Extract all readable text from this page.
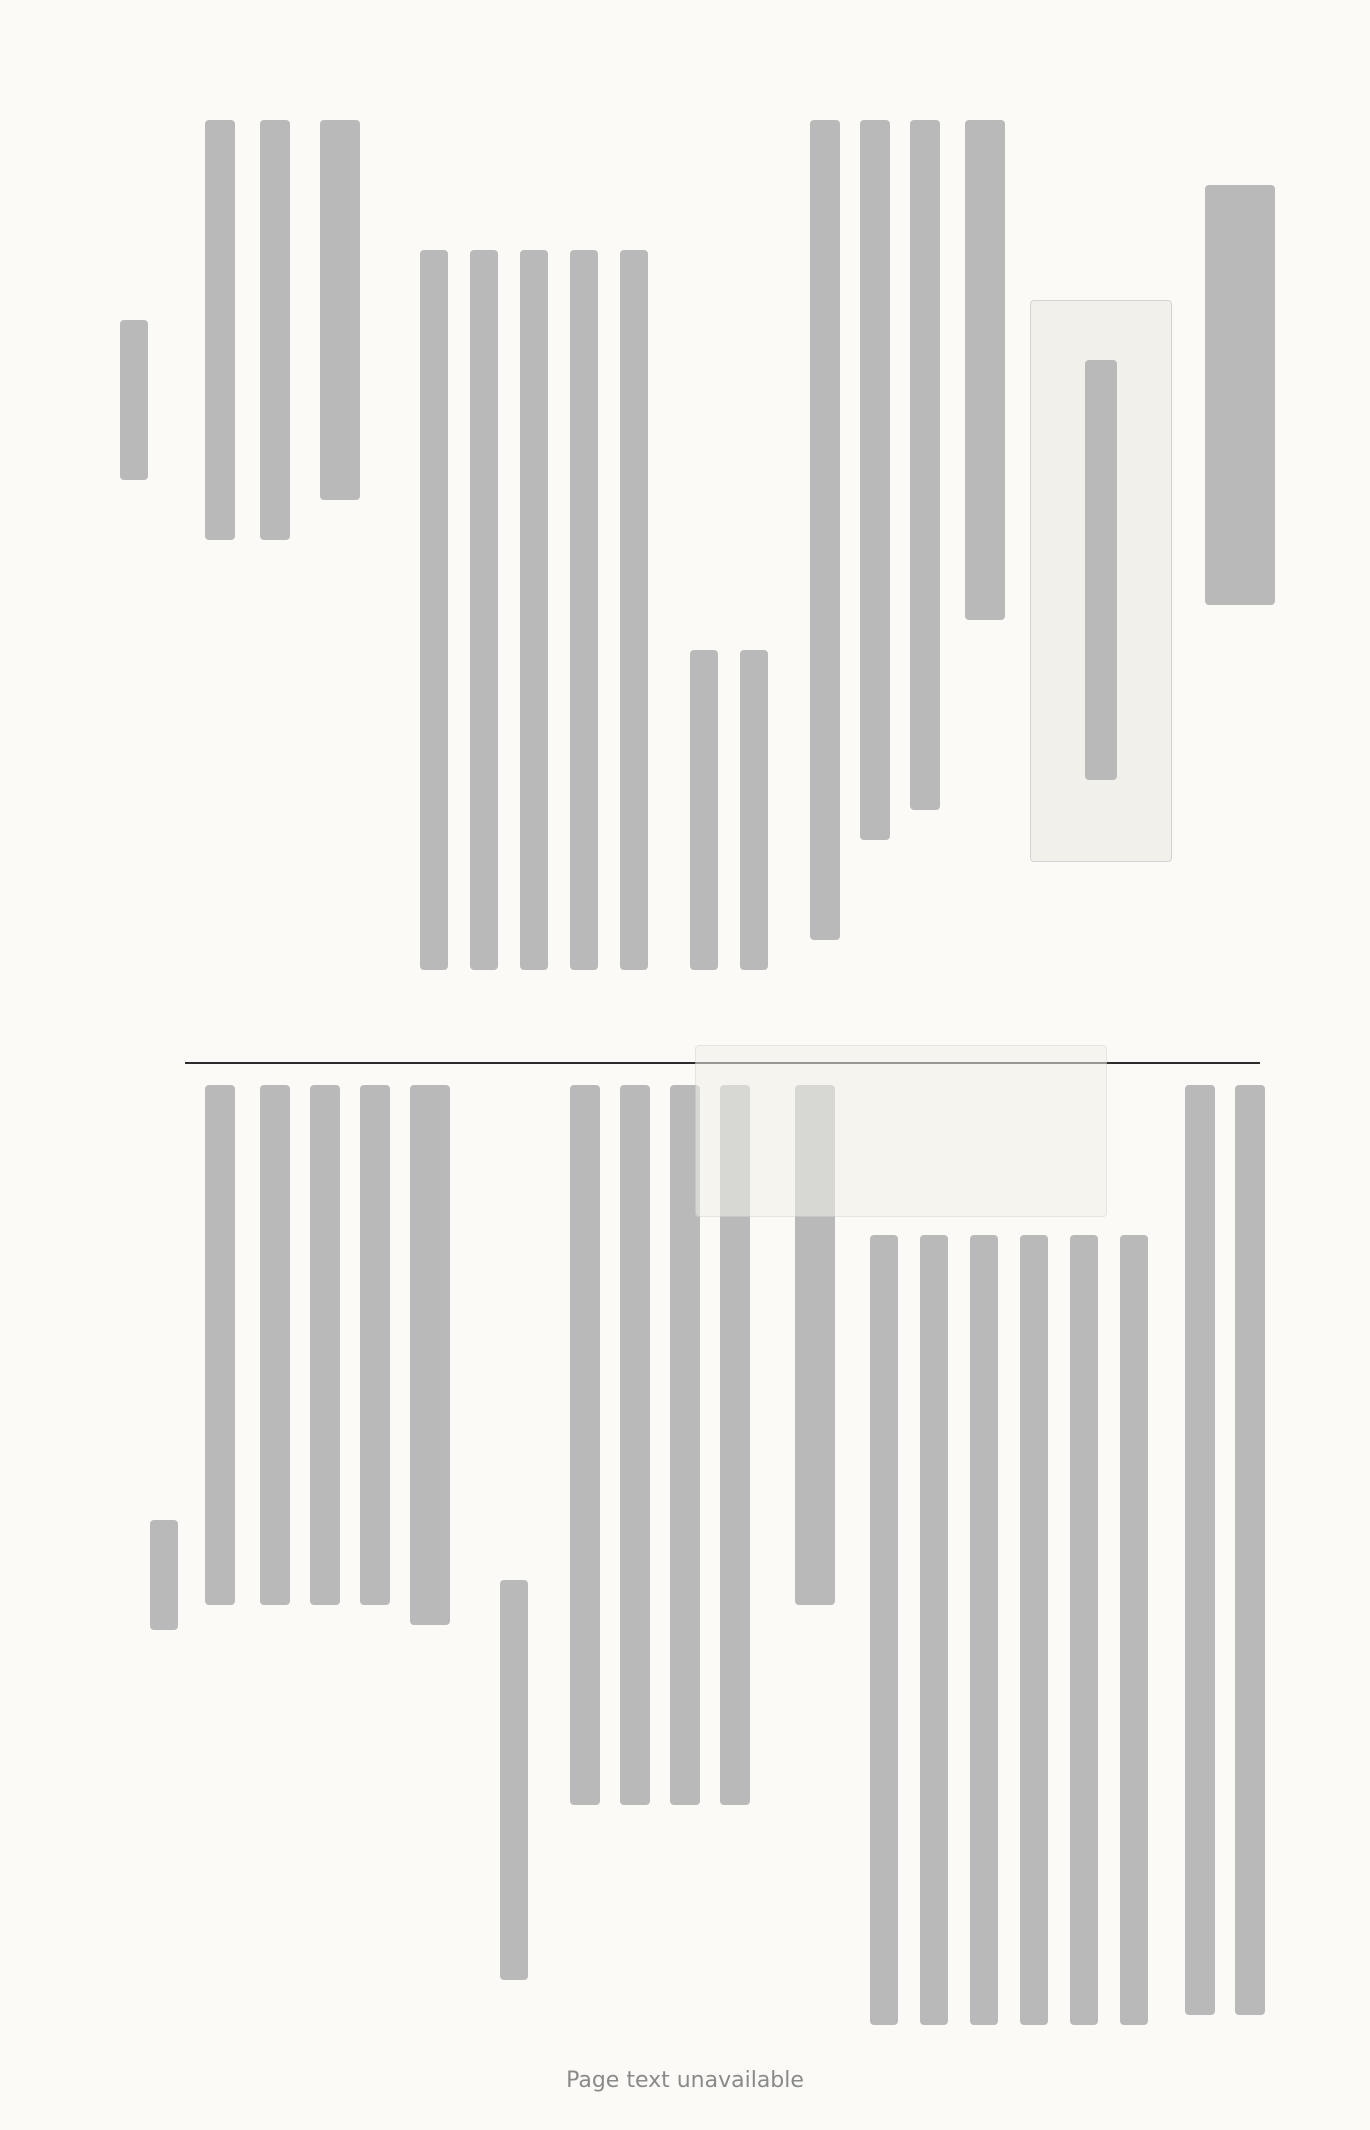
Page text unavailable
